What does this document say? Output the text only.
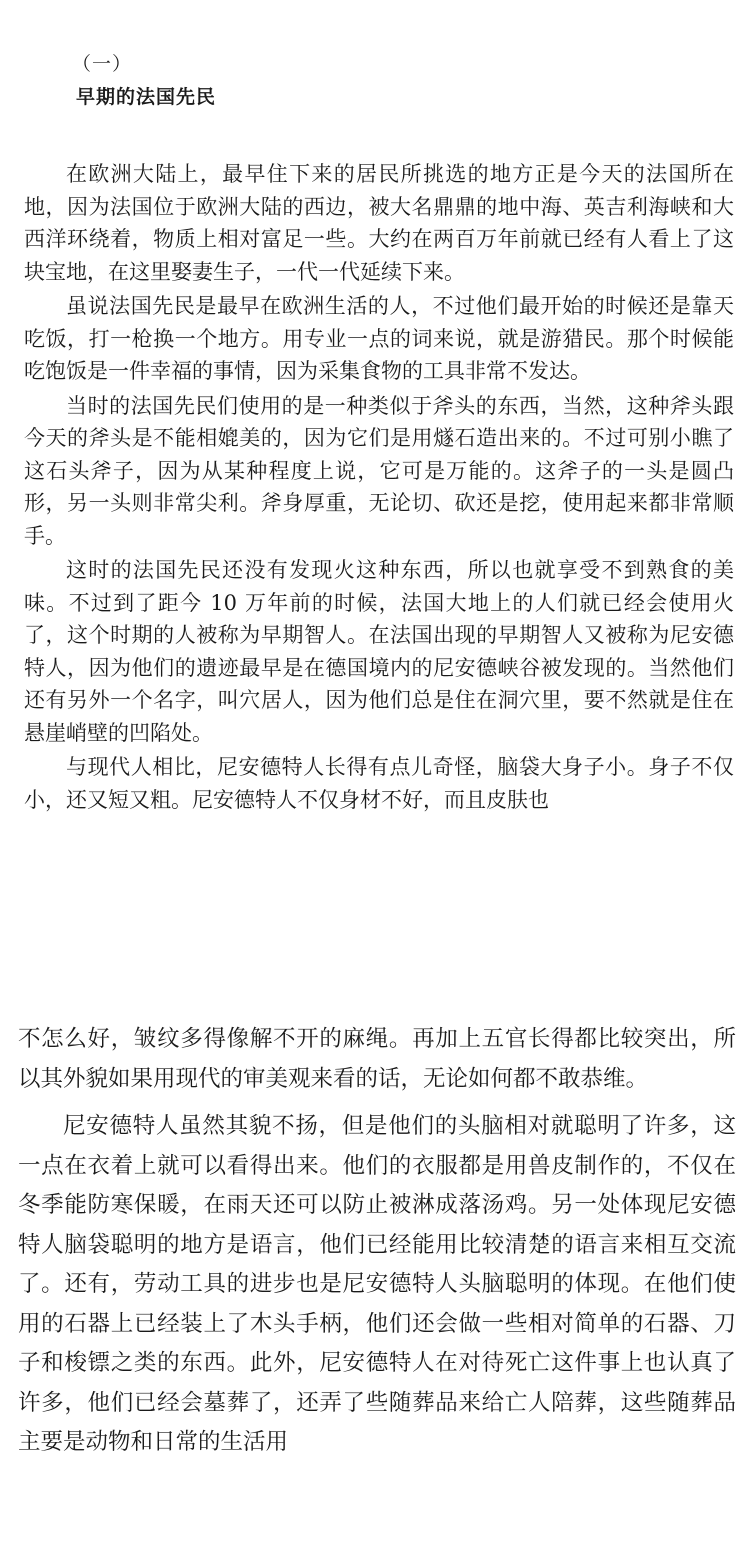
（一）
早期的法国先民

在欧洲大陆上，最早住下来的居民所挑选的地方正是今天的法国所在地，因为法国位于欧洲大陆的西边，被大名鼎鼎的地中海、英吉利海峡和大西洋环绕着，物质上相对富足一些。大约在两百万年前就已经有人看上了这块宝地，在这里娶妻生子，一代一代延续下来。

虽说法国先民是最早在欧洲生活的人，不过他们最开始的时候还是靠天吃饭，打一枪换一个地方。用专业一点的词来说，就是游猎民。那个时候能吃饱饭是一件幸福的事情，因为采集食物的工具非常不发达。

当时的法国先民们使用的是一种类似于斧头的东西，当然，这种斧头跟今天的斧头是不能相媲美的，因为它们是用燧石造出来的。不过可别小瞧了这石头斧子，因为从某种程度上说，它可是万能的。这斧子的一头是圆凸形，另一头则非常尖利。斧身厚重，无论切、砍还是挖，使用起来都非常顺手。

这时的法国先民还没有发现火这种东西，所以也就享受不到熟食的美味。不过到了距今 10 万年前的时候，法国大地上的人们就已经会使用火了，这个时期的人被称为早期智人。在法国出现的早期智人又被称为尼安德特人，因为他们的遗迹最早是在德国境内的尼安德峡谷被发现的。当然他们还有另外一个名字，叫穴居人，因为他们总是住在洞穴里，要不然就是住在悬崖峭壁的凹陷处。

与现代人相比，尼安德特人长得有点儿奇怪，脑袋大身子小。身子不仅小，还又短又粗。尼安德特人不仅身材不好，而且皮肤也

不怎么好，皱纹多得像解不开的麻绳。再加上五官长得都比较突出，所以其外貌如果用现代的审美观来看的话，无论如何都不敢恭维。

尼安德特人虽然其貌不扬，但是他们的头脑相对就聪明了许多，这一点在衣着上就可以看得出来。他们的衣服都是用兽皮制作的，不仅在冬季能防寒保暖，在雨天还可以防止被淋成落汤鸡。另一处体现尼安德特人脑袋聪明的地方是语言，他们已经能用比较清楚的语言来相互交流了。还有，劳动工具的进步也是尼安德特人头脑聪明的体现。在他们使用的石器上已经装上了木头手柄，他们还会做一些相对简单的石器、刀子和梭镖之类的东西。此外，尼安德特人在对待死亡这件事上也认真了许多，他们已经会墓葬了，还弄了些随葬品来给亡人陪葬，这些随葬品主要是动物和日常的生活用
